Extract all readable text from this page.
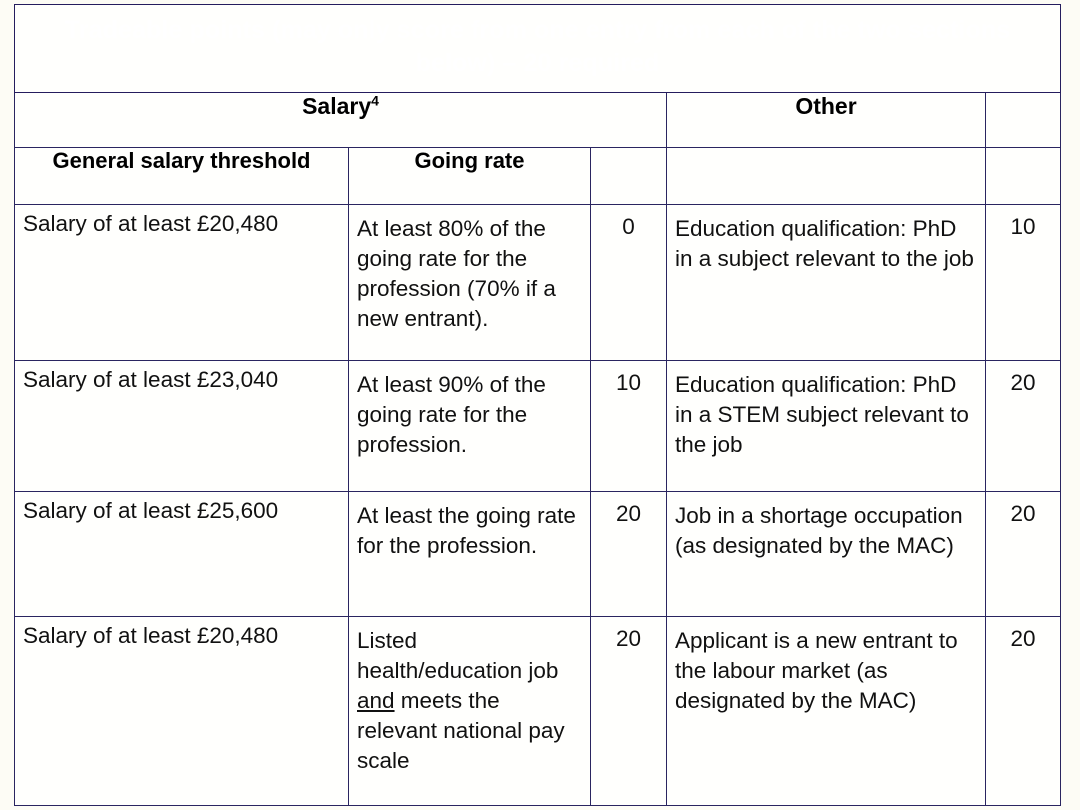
Tradeable points (may only score from one entry from each of the two sections below) – 20 required				
Salary$^4$			Other	
General salary threshold	Going rate			
Salary of at least £20,480	At least 80% of the going rate for the profession (70% if a new entrant).	0	Education qualification: PhD in a subject relevant to the job	10
Salary of at least £23,040	At least 90% of the going rate for the profession.	10	Education qualification: PhD in a STEM subject relevant to the job	20
Salary of at least £25,600	At least the going rate for the profession.	20	Job in a shortage occupation (as designated by the MAC)	20
Salary of at least £20,480	Listed health/education job and meets the relevant national pay scale	20	Applicant is a new entrant to the labour market (as designated by the MAC)	20
